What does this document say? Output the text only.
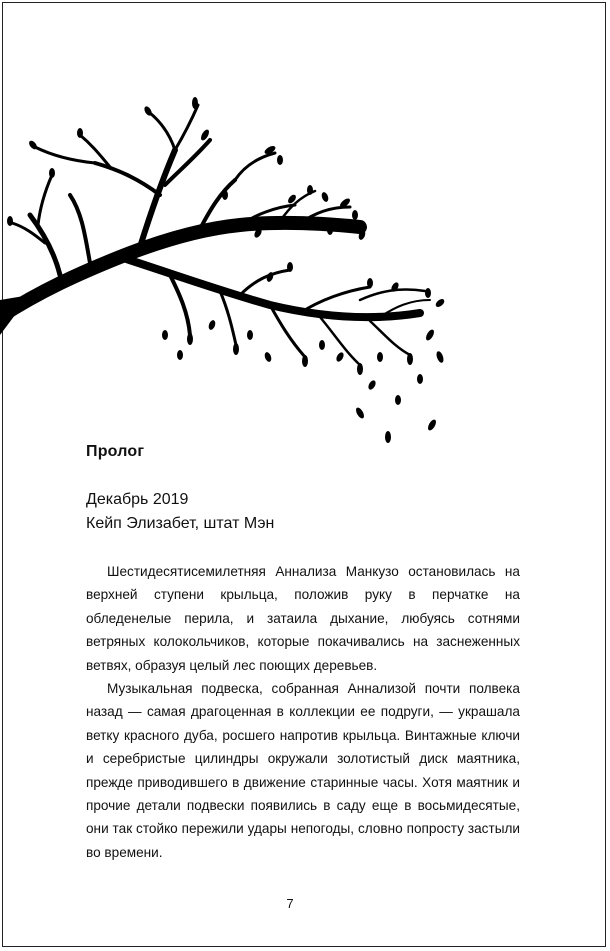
Пролог
Декабрь 2019
Кейп Элизабет, штат Мэн

Шестидесятисемилетняя Аннализа Манкузо остановилась на верхней ступени крыльца, положив руку в перчатке на обледенелые перила, и затаила дыхание, любуясь сотнями ветряных колокольчиков, которые покачивались на заснеженных ветвях, образуя целый лес поющих деревьев.

Музыкальная подвеска, собранная Аннализой почти полвека назад — самая драгоценная в коллекции ее подруги, — украшала ветку красного дуба, росшего напротив крыльца. Винтажные ключи и серебристые цилиндры окружали золотистый диск маятника, прежде приводившего в движение старинные часы. Хотя маятник и прочие детали подвески появились в саду еще в восьмидесятые, они так стойко пережили удары непогоды, словно попросту застыли во времени.

7
